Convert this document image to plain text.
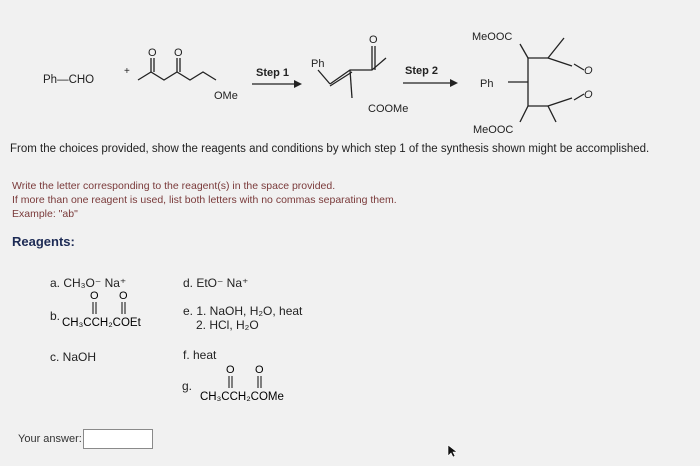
Ph—CHO
+
O O
OMe
Step 1
Ph
O
COOMe
Step 2
MeOOC
Ph
O
O
MeOOC
From the choices provided, show the reagents and conditions by which step 1 of the synthesis shown might be accomplished.
Write the letter corresponding to the reagent(s) in the space provided.
If more than one reagent is used, list both letters with no commas separating them.
Example: "ab"
Reagents:
a. CH₃O⁻ Na⁺
b.
O O
CH₃CCH₂COEt
c. NaOH
d. EtO⁻ Na⁺
e. 1. NaOH, H₂O, heat
2. HCl, H₂O
f. heat
g.
O O
CH₃CCH₂COMe
Your answer:
